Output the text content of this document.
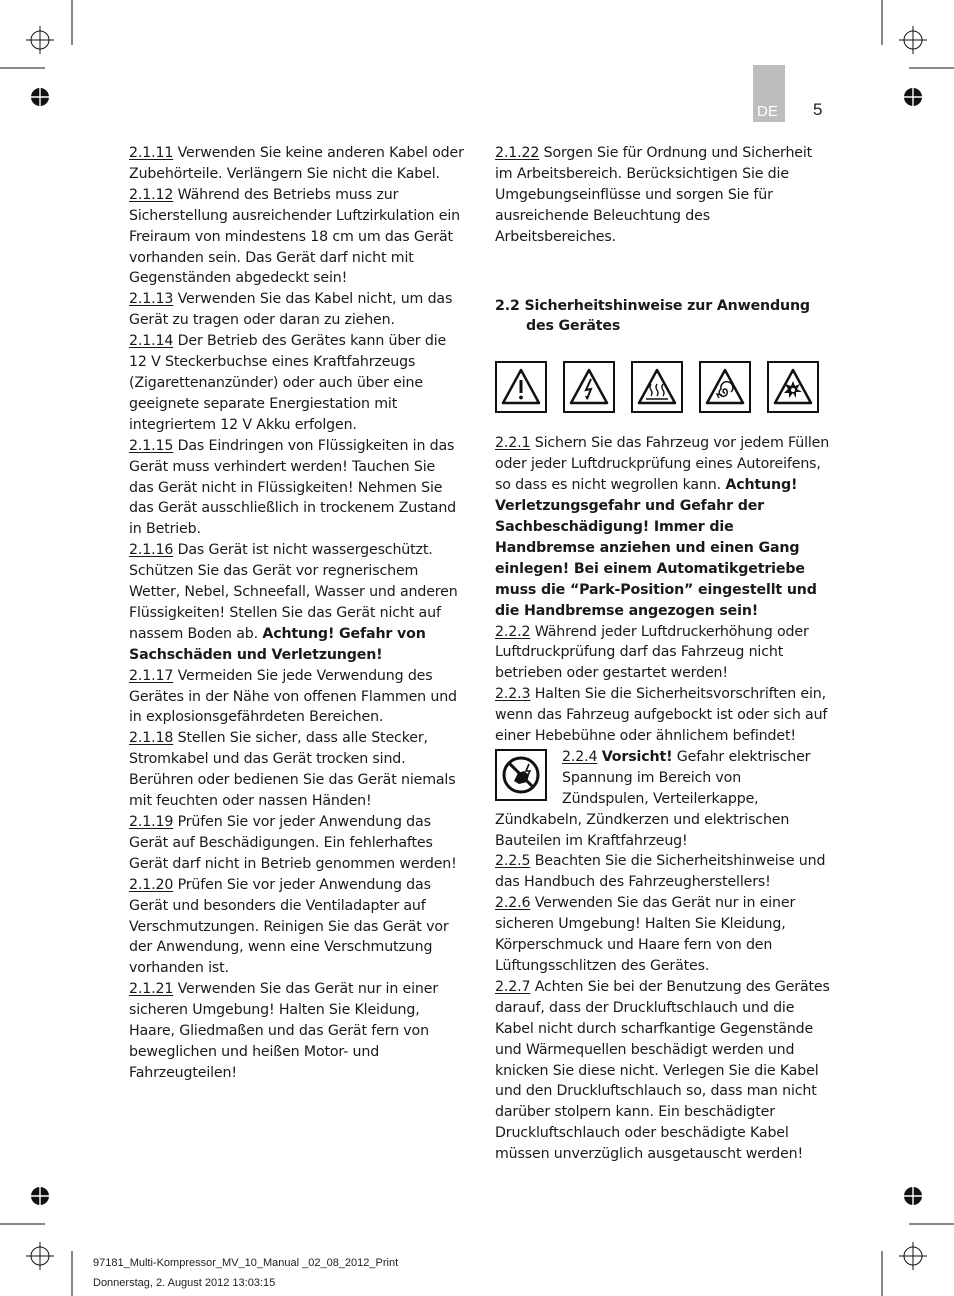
DE 5

2.1.11 Verwenden Sie keine anderen Kabel oder Zubehörteile. Verlängern Sie nicht die Kabel.

2.1.12 Während des Betriebs muss zur Sicherstellung ausreichender Luftzirkulation ein Freiraum von mindestens 18 cm um das Gerät vorhanden sein. Das Gerät darf nicht mit Gegenständen abgedeckt sein!

2.1.13 Verwenden Sie das Kabel nicht, um das Gerät zu tragen oder daran zu ziehen.

2.1.14 Der Betrieb des Gerätes kann über die 12 V Steckerbuchse eines Kraftfahrzeugs (Zigarettenanzünder) oder auch über eine geeignete separate Energiestation mit integriertem 12 V Akku erfolgen.

2.1.15 Das Eindringen von Flüssigkeiten in das Gerät muss verhindert werden! Tauchen Sie das Gerät nicht in Flüssigkeiten! Nehmen Sie das Gerät ausschließlich in trockenem Zustand in Betrieb.

2.1.16 Das Gerät ist nicht wassergeschützt. Schützen Sie das Gerät vor regnerischem Wetter, Nebel, Schneefall, Wasser und anderen Flüssigkeiten! Stellen Sie das Gerät nicht auf nassem Boden ab. Achtung! Gefahr von Sachschäden und Verletzungen!

2.1.17 Vermeiden Sie jede Verwendung des Gerätes in der Nähe von offenen Flammen und in explosionsgefährdeten Bereichen.

2.1.18 Stellen Sie sicher, dass alle Stecker, Stromkabel und das Gerät trocken sind. Berühren oder bedienen Sie das Gerät niemals mit feuchten oder nassen Händen!

2.1.19 Prüfen Sie vor jeder Anwendung das Gerät auf Beschädigungen. Ein fehlerhaftes Gerät darf nicht in Betrieb genommen werden!

2.1.20 Prüfen Sie vor jeder Anwendung das Gerät und besonders die Ventiladapter auf Verschmutzungen. Reinigen Sie das Gerät vor der Anwendung, wenn eine Verschmutzung vorhanden ist.

2.1.21 Verwenden Sie das Gerät nur in einer sicheren Umgebung! Halten Sie Kleidung, Haare, Gliedmaßen und das Gerät fern von beweglichen und heißen Motor- und Fahrzeugteilen!

2.1.22 Sorgen Sie für Ordnung und Sicherheit im Arbeitsbereich. Berücksichtigen Sie die Umgebungseinflüsse und sorgen Sie für ausreichende Beleuchtung des Arbeitsbereiches.

2.2 Sicherheitshinweise zur Anwendung
des Gerätes

2.2.1 Sichern Sie das Fahrzeug vor jedem Füllen oder jeder Luftdruckprüfung eines Autoreifens, so dass es nicht wegrollen kann. Achtung! Verletzungsgefahr und Gefahr der Sachbeschädigung! Immer die Handbremse anziehen und einen Gang einlegen! Bei einem Automatikgetriebe muss die “Park-Position” eingestellt und die Handbremse angezogen sein!

2.2.2 Während jeder Luftdruckerhöhung oder Luftdruckprüfung darf das Fahrzeug nicht betrieben oder gestartet werden!

2.2.3 Halten Sie die Sicherheitsvorschriften ein, wenn das Fahrzeug aufgebockt ist oder sich auf einer Hebebühne oder ähnlichem befindet!

2.2.4 Vorsicht! Gefahr elektrischer Spannung im Bereich von Zündspulen, Verteilerkappe, Zündkabeln, Zündkerzen und elektrischen Bauteilen im Kraftfahrzeug!

2.2.5 Beachten Sie die Sicherheitshinweise und das Handbuch des Fahrzeugherstellers!

2.2.6 Verwenden Sie das Gerät nur in einer sicheren Umgebung! Halten Sie Kleidung, Körperschmuck und Haare fern von den Lüftungsschlitzen des Gerätes.

2.2.7 Achten Sie bei der Benutzung des Gerätes darauf, dass der Druckluftschlauch und die Kabel nicht durch scharfkantige Gegenstände und Wärmequellen beschädigt werden und knicken Sie diese nicht. Verlegen Sie die Kabel und den Druckluftschlauch so, dass man nicht darüber stolpern kann. Ein beschädigter Druckluftschlauch oder beschädigte Kabel müssen unverzüglich ausgetauscht werden!

97181_Multi-Kompressor_MV_10_Manual _02_08_2012_Print
Donnerstag, 2. August 2012 13:03:15
